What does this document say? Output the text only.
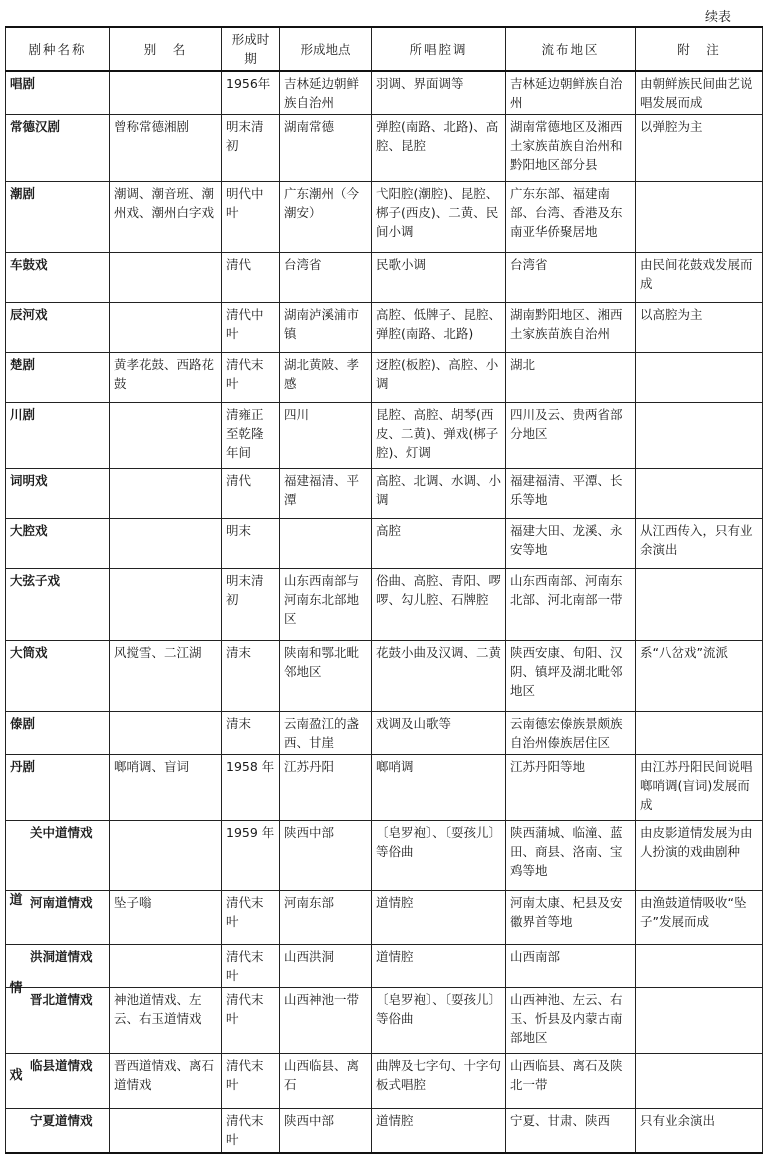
续表
剧种名称	别　名	形成时期	形成地点	所唱腔调	流布地区	附　注
唱剧		1956年	吉林延边朝鲜族自治州	羽调、界面调等	吉林延边朝鲜族自治州	由朝鲜族民间曲艺说唱发展而成
常德汉剧	曾称常德湘剧	明末清初	湖南常德	弹腔(南路、北路)、高腔、昆腔	湖南常德地区及湘西土家族苗族自治州和黔阳地区部分县	以弹腔为主
潮剧	潮调、潮音班、潮州戏、潮州白字戏	明代中叶	广东潮州（今潮安）	弋阳腔(潮腔)、昆腔、梆子(西皮)、二黄、民间小调	广东东部、福建南部、台湾、香港及东南亚华侨聚居地	
车鼓戏		清代	台湾省	民歌小调	台湾省	由民间花鼓戏发展而成
辰河戏		清代中叶	湖南泸溪浦市镇	高腔、低牌子、昆腔、弹腔(南路、北路)	湖南黔阳地区、湘西土家族苗族自治州	以高腔为主
楚剧	黄孝花鼓、西路花鼓	清代末叶	湖北黄陂、孝感	迓腔(板腔)、高腔、小调	湖北	
川剧		清雍正至乾隆年间	四川	昆腔、高腔、胡琴(西皮、二黄)、弹戏(梆子腔)、灯调	四川及云、贵两省部分地区	
词明戏		清代	福建福清、平潭	高腔、北调、水调、小调	福建福清、平潭、长乐等地	
大腔戏		明末		高腔	福建大田、龙溪、永安等地	从江西传入，只有业余演出
大弦子戏		明末清初	山东西南部与河南东北部地区	俗曲、高腔、青阳、啰啰、勾儿腔、石牌腔	山东西南部、河南东北部、河北南部一带	
大筒戏	风搅雪、二江湖	清末	陕南和鄂北毗邻地区	花鼓小曲及汉调、二黄	陕西安康、旬阳、汉阴、镇坪及湖北毗邻地区	系“八岔戏”流派
傣剧		清末	云南盈江的盏西、甘崖	戏调及山歌等	云南德宏傣族景颇族自治州傣族居住区	
丹剧	啷哨调、盲词	1958 年	江苏丹阳	啷哨调	江苏丹阳等地	由江苏丹阳民间说唱啷哨调(盲词)发展而成
关中道情戏		1959 年	陕西中部	〔皂罗袍〕、〔耍孩儿〕等俗曲	陕西蒲城、临潼、蓝田、商县、洛南、宝鸡等地	由皮影道情发展为由人扮演的戏曲剧种
河南道情戏	坠子嗡	清代末叶	河南东部	道情腔	河南太康、杞县及安徽界首等地	由渔鼓道情吸收“坠子”发展而成
洪洞道情戏		清代末叶	山西洪洞	道情腔	山西南部	
晋北道情戏	神池道情戏、左云、右玉道情戏	清代末叶	山西神池一带	〔皂罗袍〕、〔耍孩儿〕等俗曲	山西神池、左云、右玉、忻县及内蒙古南部地区	
临县道情戏	晋西道情戏、离石道情戏	清代末叶	山西临县、离石	曲牌及七字句、十字句板式唱腔	山西临县、离石及陕北一带	
宁夏道情戏		清代末叶	陕西中部	道情腔	宁夏、甘肃、陕西	只有业余演出
道
情
戏
